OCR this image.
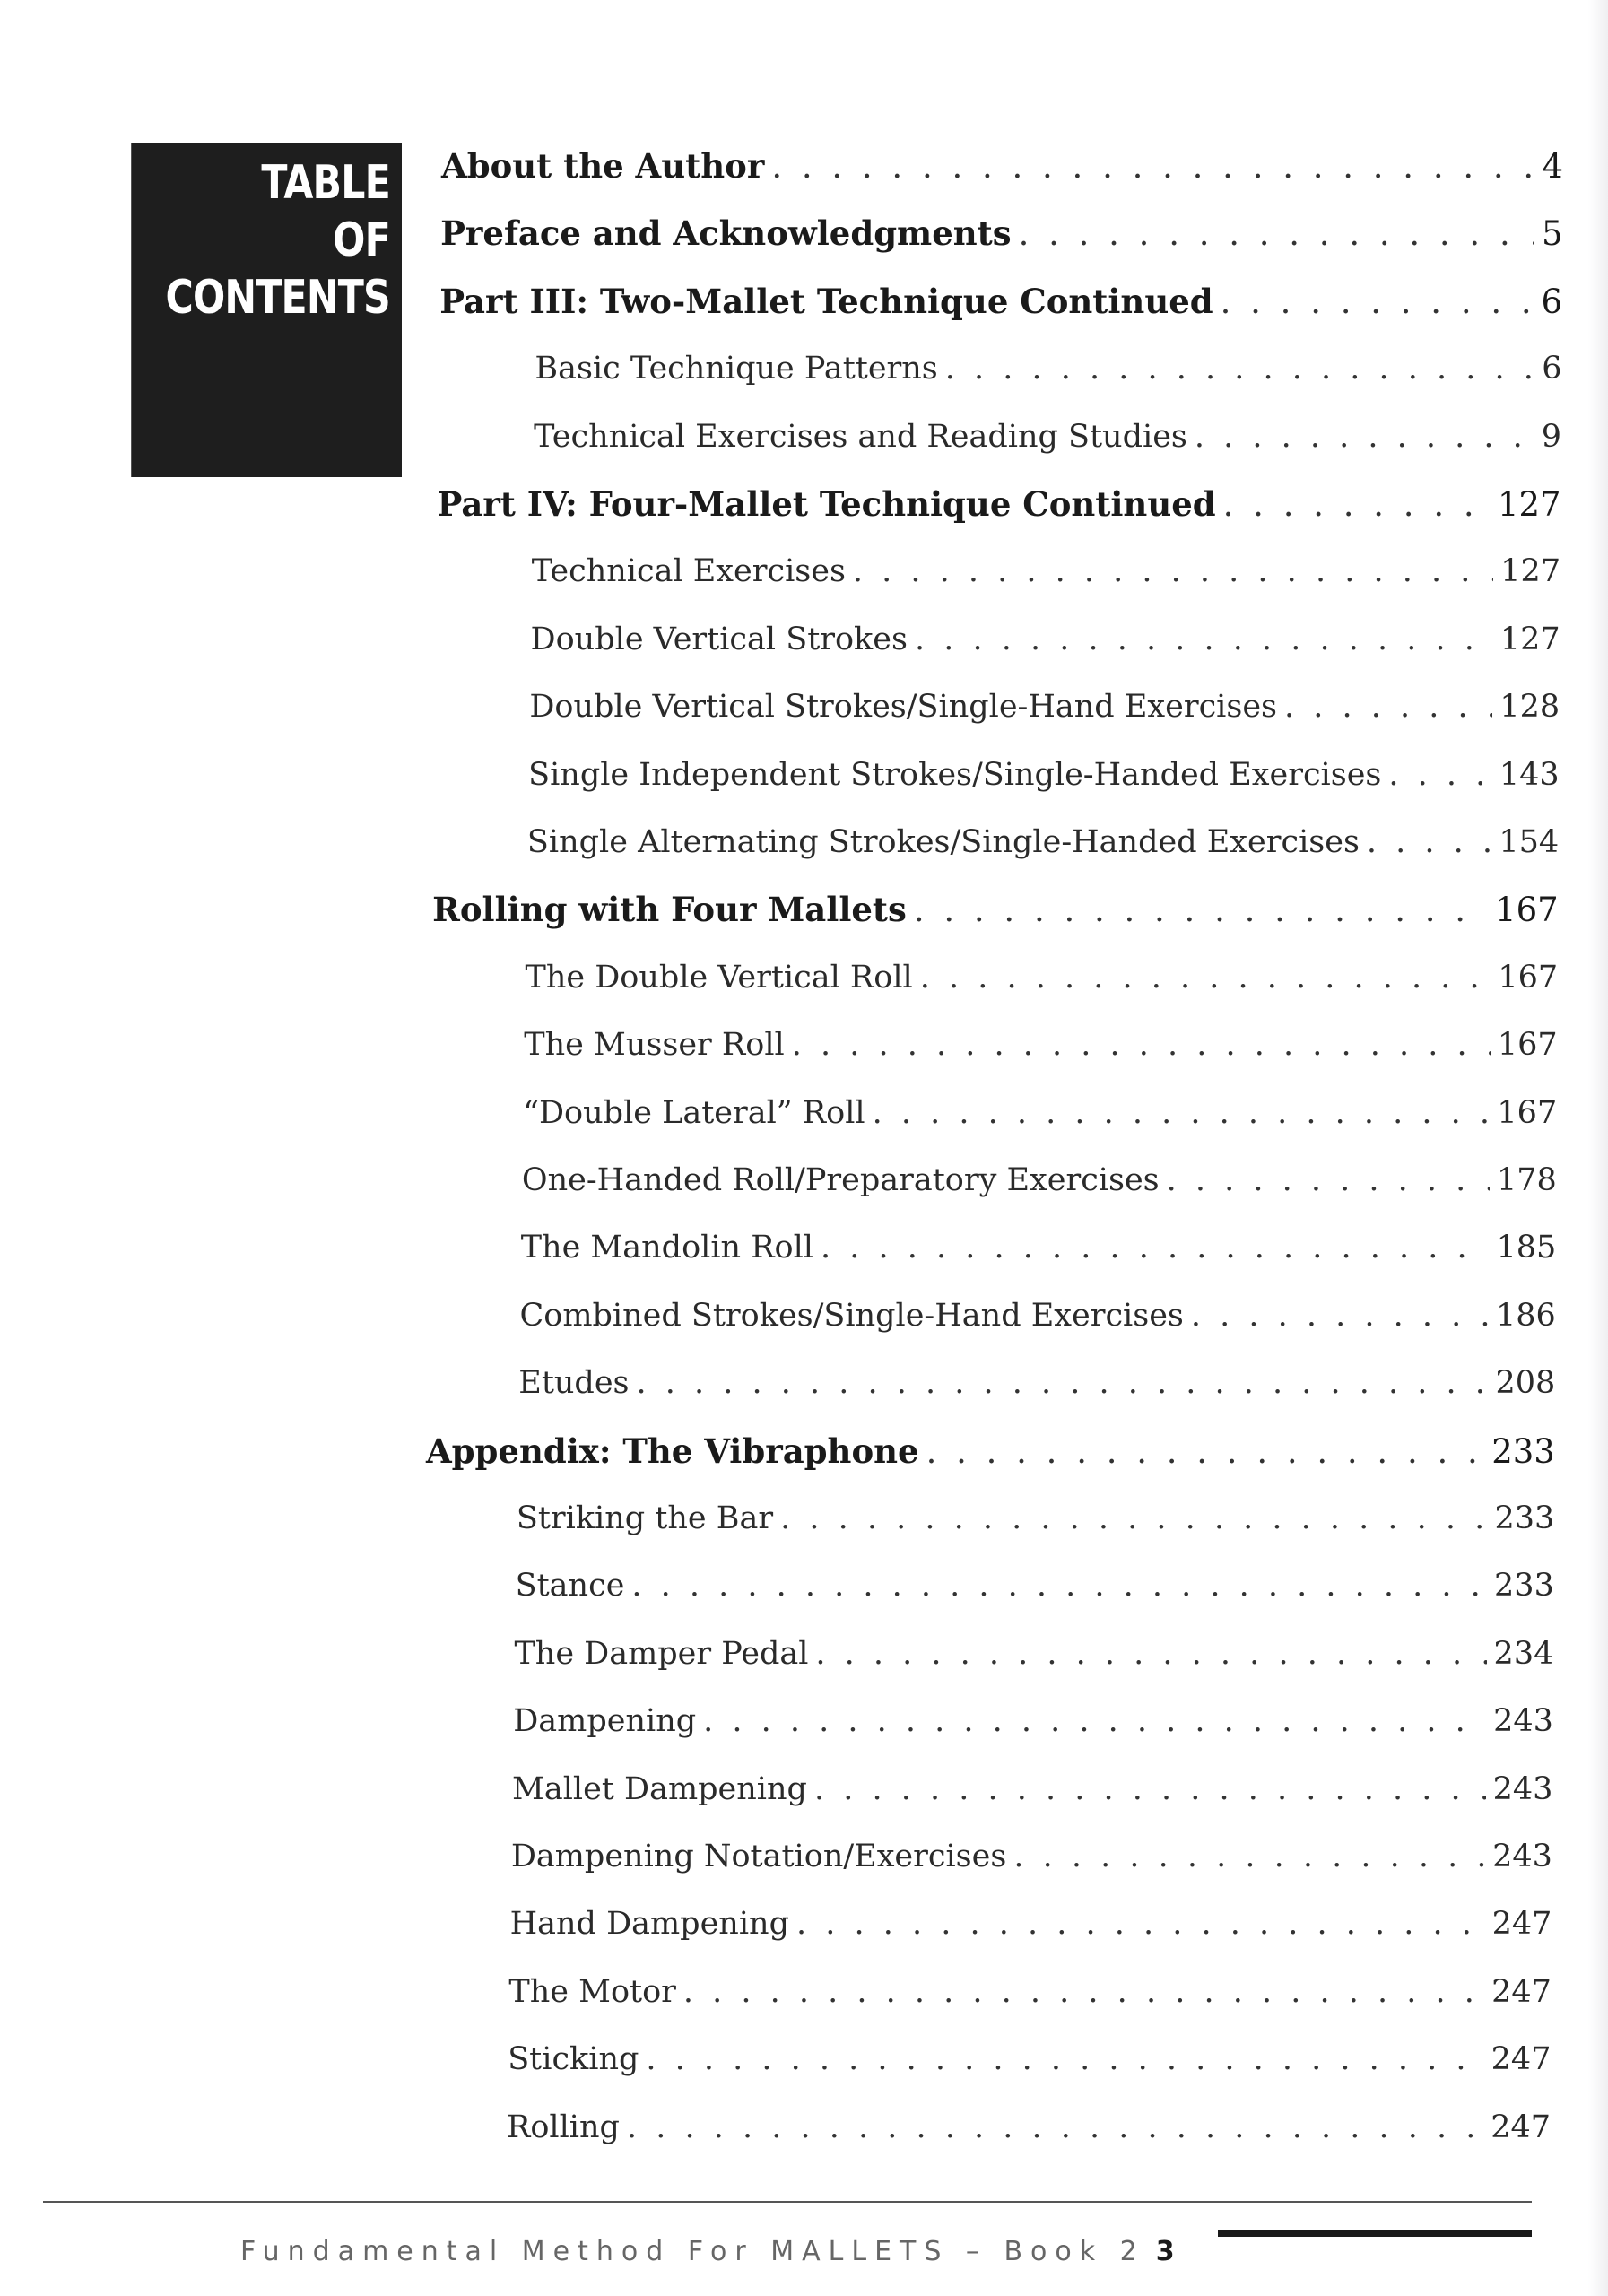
TABLE
OF CONTENTS
About the Author . . .	4
Preface and Acknowledgments . . .	5
Part III: Two-Mallet Technique Continued . . .	6
Basic Technique Patterns . . .	6
Technical Exercises and Reading Studies . . .	9
Part IV: Four-Mallet Technique Continued . . .	127
Technical Exercises . . .	127
Double Vertical Strokes . . .	127
Double Vertical Strokes/Single-Hand Exercises . . .	128
Single Independent Strokes/Single-Handed Exercises . . .	143
Single Alternating Strokes/Single-Handed Exercises . . .	154
Rolling with Four Mallets . . .	167
The Double Vertical Roll . . .	167
The Musser Roll . . .	167
“Double Lateral” Roll . . .	167
One-Handed Roll/Preparatory Exercises . . .	178
The Mandolin Roll . . .	185
Combined Strokes/Single-Hand Exercises . . .	186
Etudes . . .	208
Appendix: The Vibraphone . . .	233
Striking the Bar . . .	233
Stance . . .	233
The Damper Pedal . . .	234
Dampening . . .	243
Mallet Dampening . . .	243
Dampening Notation/Exercises . . .	243
Hand Dampening . . .	247
The Motor . . .	247
Sticking . . .	247
Rolling . . .	247
Fundamental Method For MALLETS – Book 2 3
